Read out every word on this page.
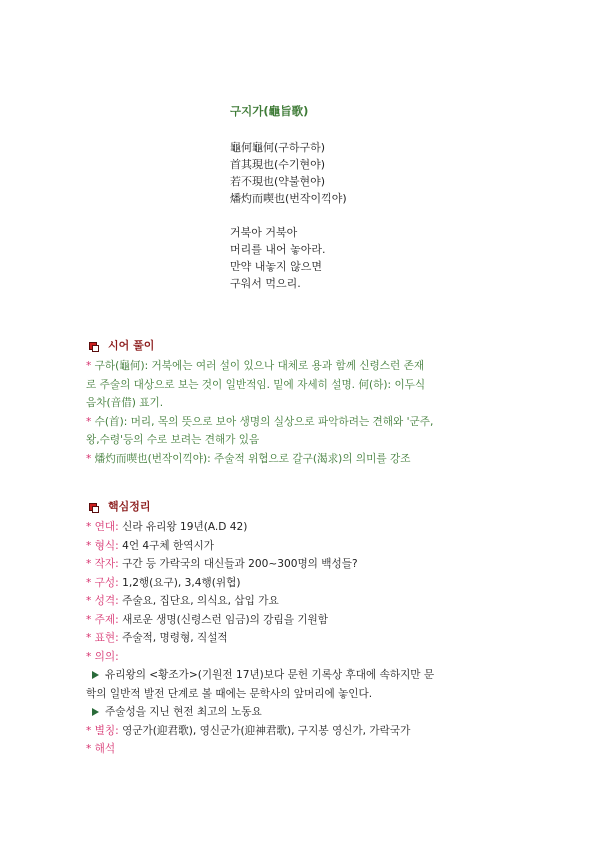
구지가(龜旨歌)
龜何龜何(구하구하)
首其現也(수기현야)
若不現也(약불현야)
燔灼而喫也(번작이끽야)
거북아 거북아
머리를 내어 놓아라.
만약 내놓지 않으면
구워서 먹으리.
시어 풀이
* 구하(龜何): 거북에는 여러 설이 있으나 대체로 용과 함께 신령스런 존재
로 주술의 대상으로 보는 것이 일반적임. 밑에 자세히 설명. 何(하): 이두식
음차(音借) 표기.
* 수(首): 머리, 목의 뜻으로 보아 생명의 실상으로 파악하려는 견해와 '군주,
왕,수령'등의 수로 보려는 견해가 있음
* 燔灼而喫也(번작이끽야): 주술적 위협으로 갈구(渴求)의 의미를 강조
핵심정리
* 연대: 신라 유리왕 19년(A.D 42)
* 형식: 4언 4구체 한역시가
* 작자: 구간 등 가락국의 대신들과 200~300명의 백성들?
* 구성: 1,2행(요구), 3,4행(위협)
* 성격: 주술요, 집단요, 의식요, 삽입 가요
* 주제: 새로운 생명(신령스런 임금)의 강림을 기원함
* 표현: 주술적, 명령형, 직설적
* 의의:
유리왕의 <황조가>(기원전 17년)보다 문헌 기록상 후대에 속하지만 문
학의 일반적 발전 단계로 볼 때에는 문학사의 앞머리에 놓인다.
주술성을 지닌 현전 최고의 노동요
* 별칭: 영군가(迎君歌), 영신군가(迎神君歌), 구지봉 영신가, 가락국가
* 해석
